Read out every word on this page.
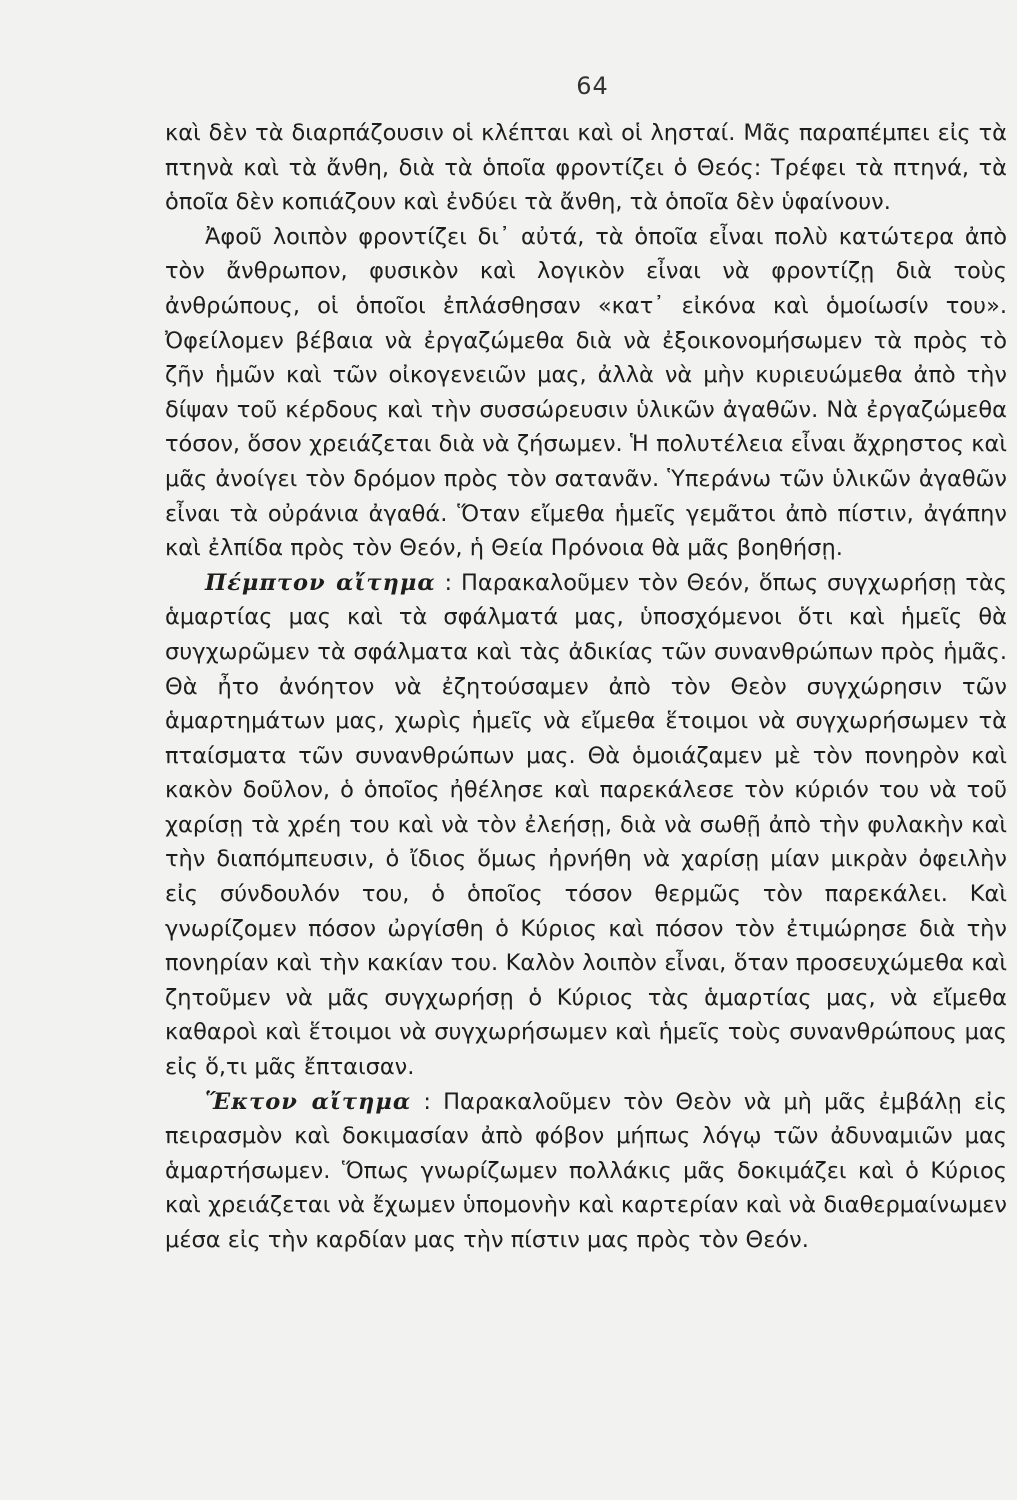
64

καὶ δὲν τὰ διαρπάζουσιν οἱ κλέπται καὶ οἱ λησταί. Μᾶς παραπέμπει εἰς τὰ πτηνὰ καὶ τὰ ἄνθη, διὰ τὰ ὁποῖα φροντίζει ὁ Θεός: Τρέφει τὰ πτηνά, τὰ ὁποῖα δὲν κοπιάζουν καὶ ἐνδύει τὰ ἄνθη, τὰ ὁποῖα δὲν ὑφαίνουν.

Ἀφοῦ λοιπὸν φροντίζει δι᾽ αὐτά, τὰ ὁποῖα εἶναι πολὺ κατώτερα ἀπὸ τὸν ἄνθρωπον, φυσικὸν καὶ λογικὸν εἶναι νὰ φροντίζῃ διὰ τοὺς ἀνθρώπους, οἱ ὁποῖοι ἐπλάσθησαν «κατ᾽ εἰκόνα καὶ ὁμοίωσίν του». Ὀφείλομεν βέβαια νὰ ἐργαζώμεθα διὰ νὰ ἐξοικονομήσωμεν τὰ πρὸς τὸ ζῆν ἡμῶν καὶ τῶν οἰκογενειῶν μας, ἀλλὰ νὰ μὴν κυριευώμεθα ἀπὸ τὴν δίψαν τοῦ κέρδους καὶ τὴν συσσώρευσιν ὑλικῶν ἀγαθῶν. Νὰ ἐργαζώμεθα τόσον, ὅσον χρειάζεται διὰ νὰ ζήσωμεν. Ἡ πολυτέλεια εἶναι ἄχρηστος καὶ μᾶς ἀνοίγει τὸν δρόμον πρὸς τὸν σατανᾶν. Ὑπεράνω τῶν ὑλικῶν ἀγαθῶν εἶναι τὰ οὐράνια ἀγαθά. Ὅταν εἴμεθα ἡμεῖς γεμᾶτοι ἀπὸ πίστιν, ἀγάπην καὶ ἐλπίδα πρὸς τὸν Θεόν, ἡ Θεία Πρόνοια θὰ μᾶς βοηθήσῃ.

Πέμπτον αἴτημα : Παρακαλοῦμεν τὸν Θεόν, ὅπως συγχωρήσῃ τὰς ἁμαρτίας μας καὶ τὰ σφάλματά μας, ὑποσχόμενοι ὅτι καὶ ἡμεῖς θὰ συγχωρῶμεν τὰ σφάλματα καὶ τὰς ἀδικίας τῶν συνανθρώπων πρὸς ἡμᾶς. Θὰ ἦτο ἀνόητον νὰ ἐζητούσαμεν ἀπὸ τὸν Θεὸν συγχώρησιν τῶν ἁμαρτημάτων μας, χωρὶς ἡμεῖς νὰ εἴμεθα ἕτοιμοι νὰ συγχωρήσωμεν τὰ πταίσματα τῶν συνανθρώπων μας. Θὰ ὁμοιάζαμεν μὲ τὸν πονηρὸν καὶ κακὸν δοῦλον, ὁ ὁποῖος ἠθέλησε καὶ παρεκάλεσε τὸν κύριόν του νὰ τοῦ χαρίσῃ τὰ χρέη του καὶ νὰ τὸν ἐλεήσῃ, διὰ νὰ σωθῇ ἀπὸ τὴν φυλακὴν καὶ τὴν διαπόμπευσιν, ὁ ἴδιος ὅμως ἠρνήθη νὰ χαρίσῃ μίαν μικρὰν ὀφειλὴν εἰς σύνδουλόν του, ὁ ὁποῖος τόσον θερμῶς τὸν παρεκάλει. Καὶ γνωρίζομεν πόσον ὠργίσθη ὁ Κύριος καὶ πόσον τὸν ἐτιμώρησε διὰ τὴν πονηρίαν καὶ τὴν κακίαν του. Καλὸν λοιπὸν εἶναι, ὅταν προσευχώμεθα καὶ ζητοῦμεν νὰ μᾶς συγχωρήσῃ ὁ Κύριος τὰς ἁμαρτίας μας, νὰ εἴμεθα καθαροὶ καὶ ἕτοιμοι νὰ συγχωρήσωμεν καὶ ἡμεῖς τοὺς συνανθρώπους μας εἰς ὅ,τι μᾶς ἔπταισαν.

Ἕκτον αἴτημα : Παρακαλοῦμεν τὸν Θεὸν νὰ μὴ μᾶς ἐμβάλῃ εἰς πειρασμὸν καὶ δοκιμασίαν ἀπὸ φόβον μήπως λόγῳ τῶν ἀδυναμιῶν μας ἁμαρτήσωμεν. Ὅπως γνωρίζωμεν πολλάκις μᾶς δοκιμάζει καὶ ὁ Κύριος καὶ χρειάζεται νὰ ἔχωμεν ὑπομονὴν καὶ καρτερίαν καὶ νὰ διαθερμαίνωμεν μέσα εἰς τὴν καρδίαν μας τὴν πίστιν μας πρὸς τὸν Θεόν.
